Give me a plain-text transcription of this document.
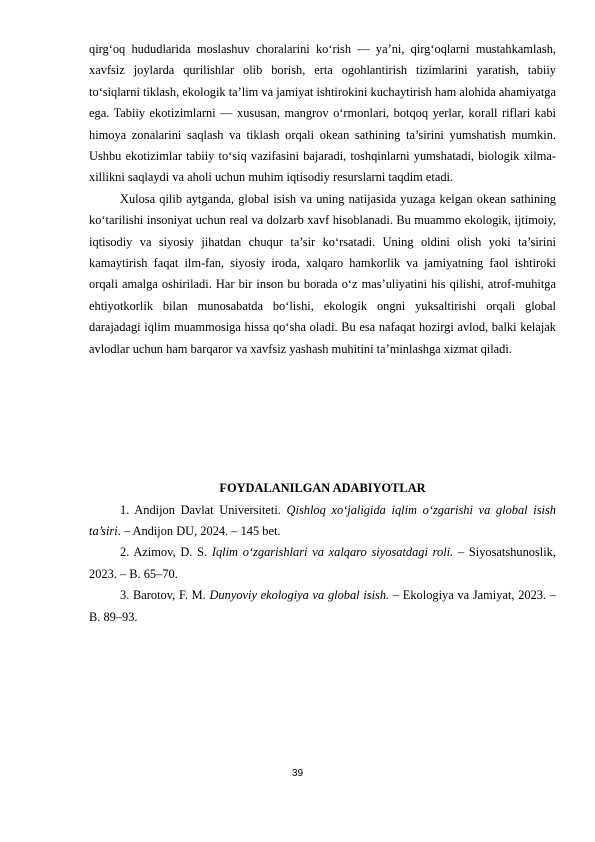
qirg‘oq hududlarida moslashuv choralarini ko‘rish — ya’ni, qirg‘oqlarni mustahkamlash, xavfsiz joylarda qurilishlar olib borish, erta ogohlantirish tizimlarini yaratish, tabiiy to‘siqlarni tiklash, ekologik ta’lim va jamiyat ishtirokini kuchaytirish ham alohida ahamiyatga ega. Tabiiy ekotizimlarni — xususan, mangrov o‘rmonlari, botqoq yerlar, korall riflari kabi himoya zonalarini saqlash va tiklash orqali okean sathining ta’sirini yumshatish mumkin. Ushbu ekotizimlar tabiiy to‘siq vazifasini bajaradi, toshqinlarni yumshatadi, biologik xilma-xillikni saqlaydi va aholi uchun muhim iqtisodiy resurslarni taqdim etadi.

Xulosa qilib aytganda, global isish va uning natijasida yuzaga kelgan okean sathining ko‘tarilishi insoniyat uchun real va dolzarb xavf hisoblanadi. Bu muammo ekologik, ijtimoiy, iqtisodiy va siyosiy jihatdan chuqur ta’sir ko‘rsatadi. Uning oldini olish yoki ta’sirini kamaytirish faqat ilm-fan, siyosiy iroda, xalqaro hamkorlik va jamiyatning faol ishtiroki orqali amalga oshiriladi. Har bir inson bu borada o‘z mas’uliyatini his qilishi, atrof-muhitga ehtiyotkorlik bilan munosabatda bo‘lishi, ekologik ongni yuksaltirishi orqali global darajadagi iqlim muammosiga hissa qo‘sha oladi. Bu esa nafaqat hozirgi avlod, balki kelajak avlodlar uchun ham barqaror va xavfsiz yashash muhitini ta’minlashga xizmat qiladi.

FOYDALANILGAN ADABIYOTLAR

1. Andijon Davlat Universiteti. Qishloq xo‘jaligida iqlim o‘zgarishi va global isish ta’siri. – Andijon DU, 2024. – 145 bet.

2. Azimov, D. S. Iqlim o‘zgarishlari va xalqaro siyosatdagi roli. – Siyosatshunoslik, 2023. – B. 65–70.

3. Barotov, F. M. Dunyoviy ekologiya va global isish. – Ekologiya va Jamiyat, 2023. – B. 89–93.

39
